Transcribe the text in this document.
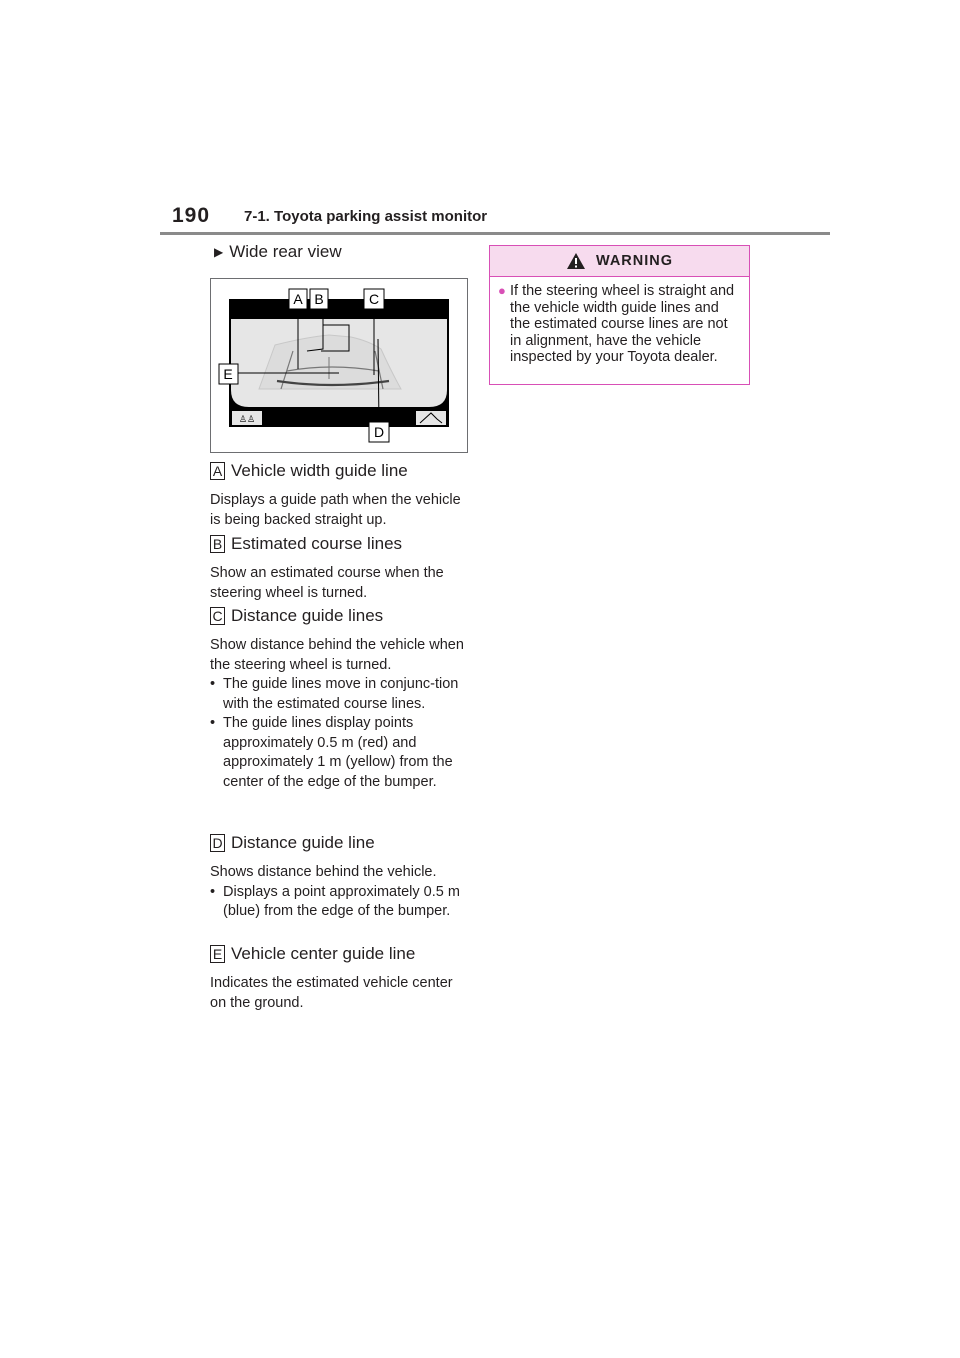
190 7-1. Toyota parking assist monitor
▶ Wide rear view
♙♙
A B	C
D
E
A Vehicle width guide line
Displays a guide path when the vehicle is being backed straight up.
B Estimated course lines
Show an estimated course when the steering wheel is turned.
C Distance guide lines
Show distance behind the vehicle when the steering wheel is turned.
• The guide lines move in conjunc-tion with the estimated course lines.
• The guide lines display points approximately 0.5 m (red) and approximately 1 m (yellow) from the center of the edge of the bumper.
D Distance guide line
Shows distance behind the vehicle.
• Displays a point approximately 0.5 m (blue) from the edge of the bumper.
E Vehicle center guide line
Indicates the estimated vehicle center on the ground.
WARNING
● If the steering wheel is straight and the vehicle width guide lines and the estimated course lines are not in alignment, have the vehicle inspected by your Toyota dealer.
